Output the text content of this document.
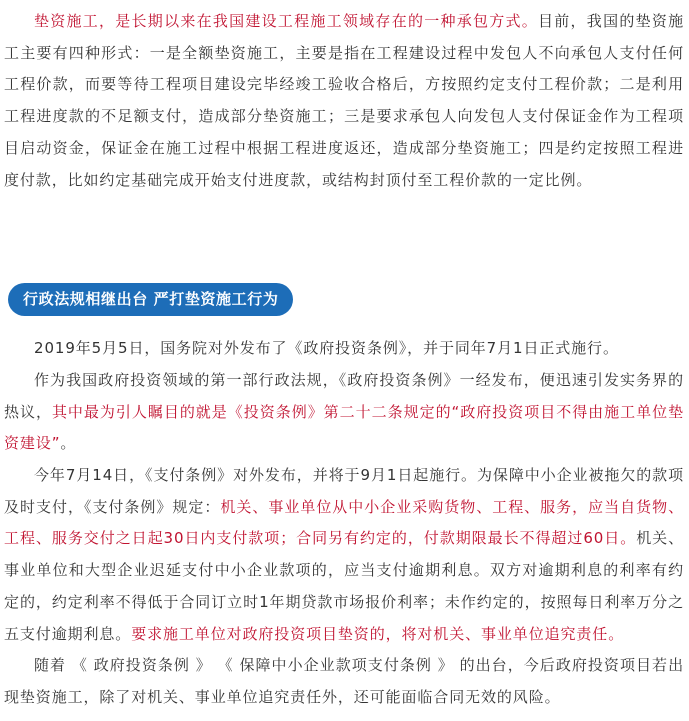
垫资施工，是长期以来在我国建设工程施工领域存在的一种承包方式。目前，我国的垫资施工主要有四种形式：一是全额垫资施工，主要是指在工程建设过程中发包人不向承包人支付任何工程价款，而要等待工程项目建设完毕经竣工验收合格后，方按照约定支付工程价款；二是利用工程进度款的不足额支付，造成部分垫资施工；三是要求承包人向发包人支付保证金作为工程项目启动资金，保证金在施工过程中根据工程进度返还，造成部分垫资施工；四是约定按照工程进度付款，比如约定基础完成开始支付进度款，或结构封顶付至工程价款的一定比例。

行政法规相继出台 严打垫资施工行为

2019年5月5日，国务院对外发布了《政府投资条例》，并于同年7月1日正式施行。

作为我国政府投资领域的第一部行政法规，《政府投资条例》一经发布，便迅速引发实务界的热议，其中最为引人瞩目的就是《投资条例》第二十二条规定的“政府投资项目不得由施工单位垫资建设”。

今年7月14日，《支付条例》对外发布，并将于9月1日起施行。为保障中小企业被拖欠的款项及时支付，《支付条例》规定：机关、事业单位从中小企业采购货物、工程、服务，应当自货物、工程、服务交付之日起30日内支付款项；合同另有约定的，付款期限最长不得超过60日。机关、事业单位和大型企业迟延支付中小企业款项的，应当支付逾期利息。双方对逾期利息的利率有约定的，约定利率不得低于合同订立时1年期贷款市场报价利率；未作约定的，按照每日利率万分之五支付逾期利息。要求施工单位对政府投资项目垫资的，将对机关、事业单位追究责任。

随着 《 政府投资条例 》 《 保障中小企业款项支付条例 》 的出台，今后政府投资项目若出现垫资施工，除了对机关、事业单位追究责任外，还可能面临合同无效的风险。
